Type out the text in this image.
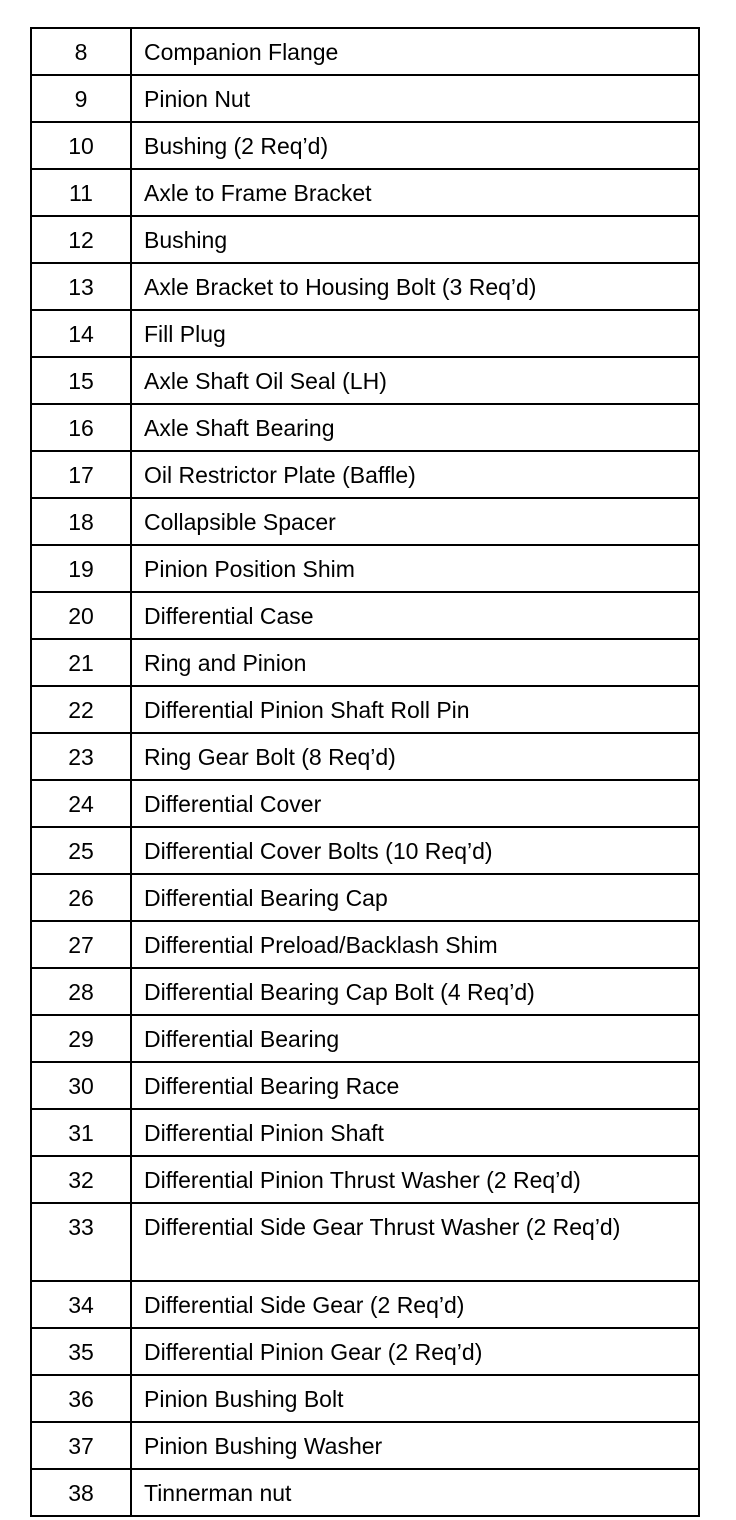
8	Companion Flange
9	Pinion Nut
10	Bushing (2 Req’d)
11	Axle to Frame Bracket
12	Bushing
13	Axle Bracket to Housing Bolt (3 Req’d)
14	Fill Plug
15	Axle Shaft Oil Seal (LH)
16	Axle Shaft Bearing
17	Oil Restrictor Plate (Baffle)
18	Collapsible Spacer
19	Pinion Position Shim
20	Differential Case
21	Ring and Pinion
22	Differential Pinion Shaft Roll Pin
23	Ring Gear Bolt (8 Req’d)
24	Differential Cover
25	Differential Cover Bolts (10 Req’d)
26	Differential Bearing Cap
27	Differential Preload/Backlash Shim
28	Differential Bearing Cap Bolt (4 Req’d)
29	Differential Bearing
30	Differential Bearing Race
31	Differential Pinion Shaft
32	Differential Pinion Thrust Washer (2 Req’d)
33	Differential Side Gear Thrust Washer (2 Req’d)
34	Differential Side Gear (2 Req’d)
35	Differential Pinion Gear (2 Req’d)
36	Pinion Bushing Bolt
37	Pinion Bushing Washer
38	Tinnerman nut
